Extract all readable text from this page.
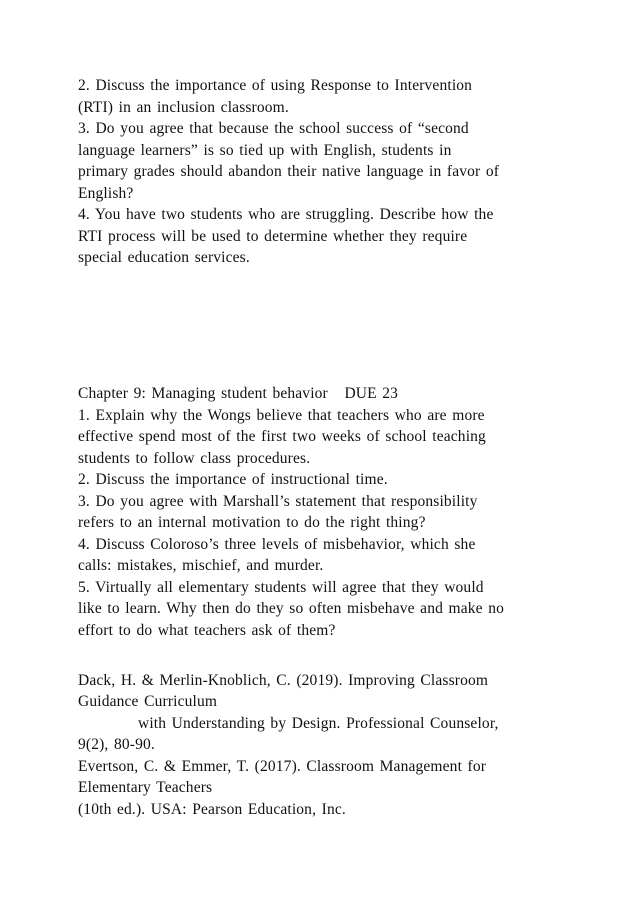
2. Discuss the importance of using Response to Intervention
(RTI) in an inclusion classroom.
3. Do you agree that because the school success of “second
language learners” is so tied up with English, students in
primary grades should abandon their native language in favor of
English?
4. You have two students who are struggling. Describe how the
RTI process will be used to determine whether they require
special education services.
Chapter 9: Managing student behavior   DUE 23
1. Explain why the Wongs believe that teachers who are more
effective spend most of the first two weeks of school teaching
students to follow class procedures.
2. Discuss the importance of instructional time.
3. Do you agree with Marshall’s statement that responsibility
refers to an internal motivation to do the right thing?
4. Discuss Coloroso’s three levels of misbehavior, which she
calls: mistakes, mischief, and murder.
5. Virtually all elementary students will agree that they would
like to learn. Why then do they so often misbehave and make no
effort to do what teachers ask of them?
Dack, H. & Merlin-Knoblich, C. (2019). Improving Classroom
Guidance Curriculum
with Understanding by Design. Professional Counselor,
9(2), 80-90.
Evertson, C. & Emmer, T. (2017). Classroom Management for
Elementary Teachers
(10th ed.). USA: Pearson Education, Inc.
